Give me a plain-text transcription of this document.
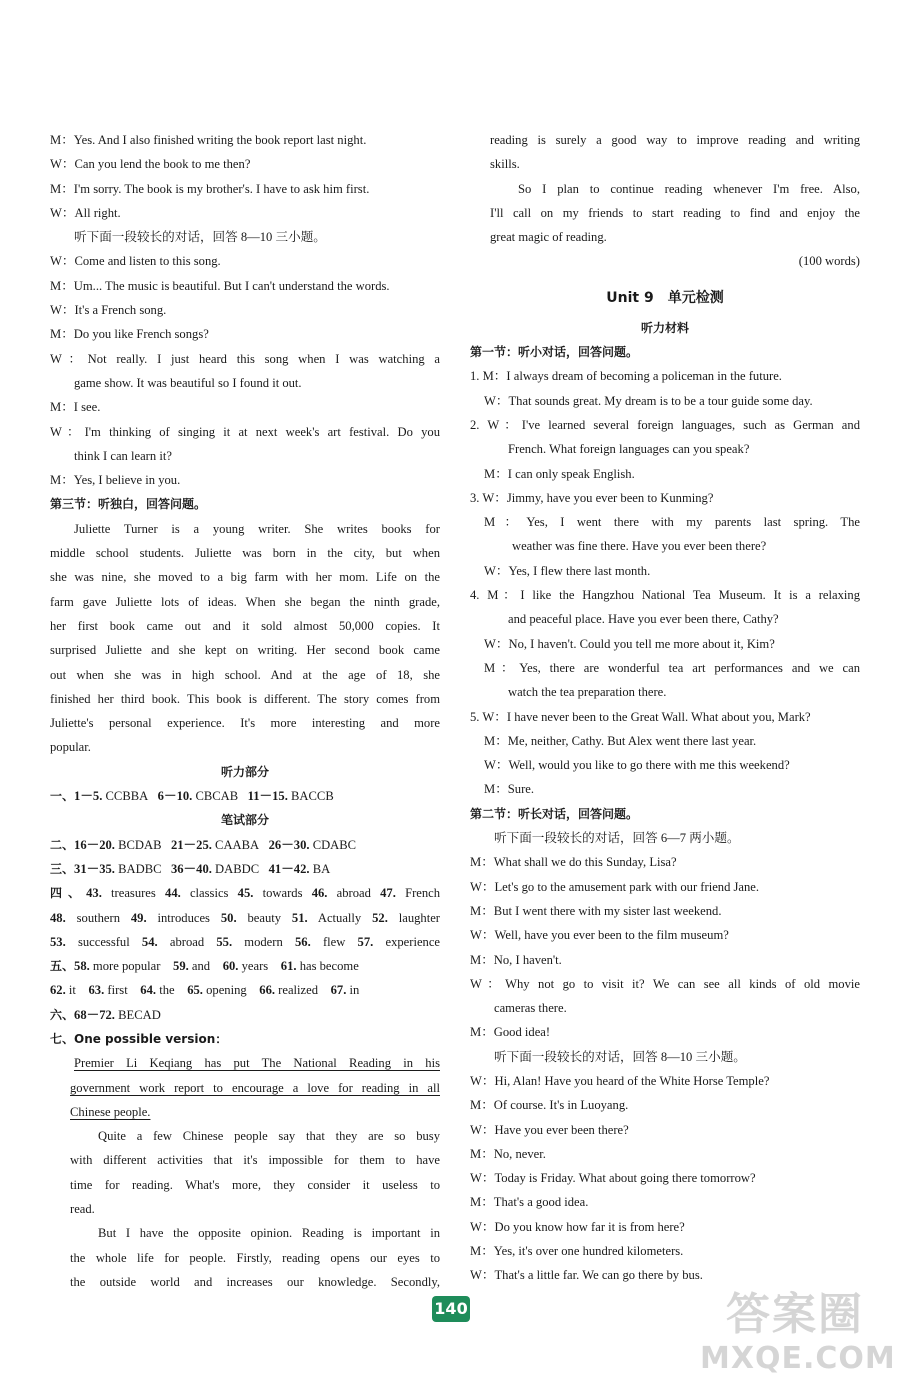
M：Yes. And I also finished writing the book report last night.
W：Can you lend the book to me then?
M：I'm sorry. The book is my brother's. I have to ask him first.
W：All right.
听下面一段较长的对话，回答 8—10 三小题。
W：Come and listen to this song.
M：Um... The music is beautiful. But I can't understand the words.
W：It's a French song.
M：Do you like French songs?
W：Not really. I just heard this song when I was watching a
game show. It was beautiful so I found it out.
M：I see.
W：I'm thinking of singing it at next week's art festival. Do you
think I can learn it?
M：Yes, I believe in you.
第三节：听独白，回答问题。
Juliette Turner is a young writer. She writes books for
middle school students. Juliette was born in the city, but when
she was nine, she moved to a big farm with her mom. Life on the
farm gave Juliette lots of ideas. When she began the ninth grade,
her first book came out and it sold almost 50,000 copies. It
surprised Juliette and she kept on writing. Her second book came
out when she was in high school. And at the age of 18, she
finished her third book. This book is different. The story comes from
Juliette's personal experience. It's more interesting and more
popular.
听力部分
一、1－5. CCBBA 6－10. CBCAB 11－15. BACCB
笔试部分
二、16－20. BCDAB 21－25. CAABA 26－30. CDABC
三、31－35. BADBC 36－40. DABDC 41－42. BA
四、43. treasures 44. classics 45. towards 46. abroad 47. French
48. southern 49. introduces 50. beauty 51. Actually 52. laughter
53. successful 54. abroad 55. modern 56. flew 57. experience
五、58. more popular 59. and 60. years 61. has become
62. it 63. first 64. the 65. opening 66. realized 67. in
六、68－72. BECAD
七、One possible version：
Premier Li Keqiang has put The National Reading in his
government work report to encourage a love for reading in all
Chinese people.
Quite a few Chinese people say that they are so busy
with different activities that it's impossible for them to have
time for reading. What's more, they consider it useless to
read.
But I have the opposite opinion. Reading is important in
the whole life for people. Firstly, reading opens our eyes to
the outside world and increases our knowledge. Secondly,
reading is surely a good way to improve reading and writing
skills.
So I plan to continue reading whenever I'm free. Also,
I'll call on my friends to start reading to find and enjoy the
great magic of reading.
(100 words)
Unit 9　单元检测
听力材料
第一节：听小对话，回答问题。
1. M：I always dream of becoming a policeman in the future.
W：That sounds great. My dream is to be a tour guide some day.
2. W：I've learned several foreign languages, such as German and
French. What foreign languages can you speak?
M：I can only speak English.
3. W：Jimmy, have you ever been to Kunming?
M：Yes, I went there with my parents last spring. The
weather was fine there. Have you ever been there?
W：Yes, I flew there last month.
4. M：I like the Hangzhou National Tea Museum. It is a relaxing
and peaceful place. Have you ever been there, Cathy?
W：No, I haven't. Could you tell me more about it, Kim?
M：Yes, there are wonderful tea art performances and we can
watch the tea preparation there.
5. W：I have never been to the Great Wall. What about you, Mark?
M：Me, neither, Cathy. But Alex went there last year.
W：Well, would you like to go there with me this weekend?
M：Sure.
第二节：听长对话，回答问题。
听下面一段较长的对话，回答 6—7 两小题。
M：What shall we do this Sunday, Lisa?
W：Let's go to the amusement park with our friend Jane.
M：But I went there with my sister last weekend.
W：Well, have you ever been to the film museum?
M：No, I haven't.
W：Why not go to visit it? We can see all kinds of old movie
cameras there.
M：Good idea!
听下面一段较长的对话，回答 8—10 三小题。
W：Hi, Alan! Have you heard of the White Horse Temple?
M：Of course. It's in Luoyang.
W：Have you ever been there?
M：No, never.
W：Today is Friday. What about going there tomorrow?
M：That's a good idea.
W：Do you know how far it is from here?
M：Yes, it's over one hundred kilometers.
W：That's a little far. We can go there by bus.
140	答案圈
MXQE.COM
